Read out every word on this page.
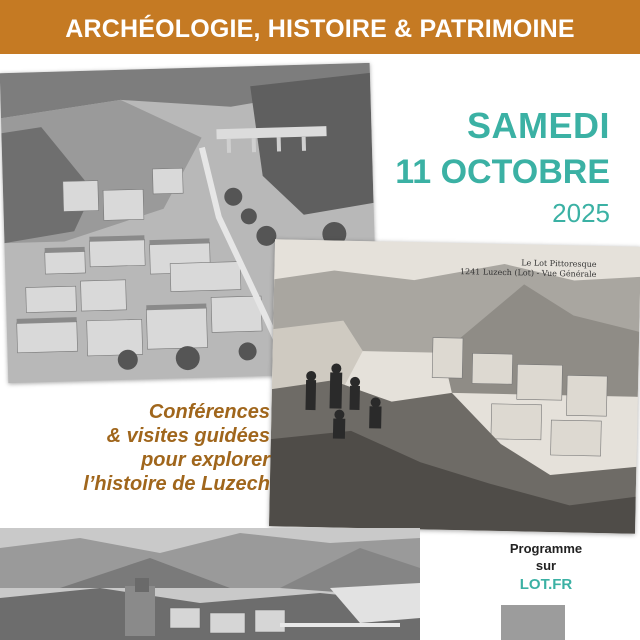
ARCHÉOLOGIE, HISTOIRE & PATRIMOINE
Le Lot Pittoresque
1241 Luzech (Lot) - Vue Générale
SAMEDI
11 OCTOBRE
2025
Conférences
& visites guidées
pour explorer
l’histoire de Luzech
Programme
sur
LOT.FR
